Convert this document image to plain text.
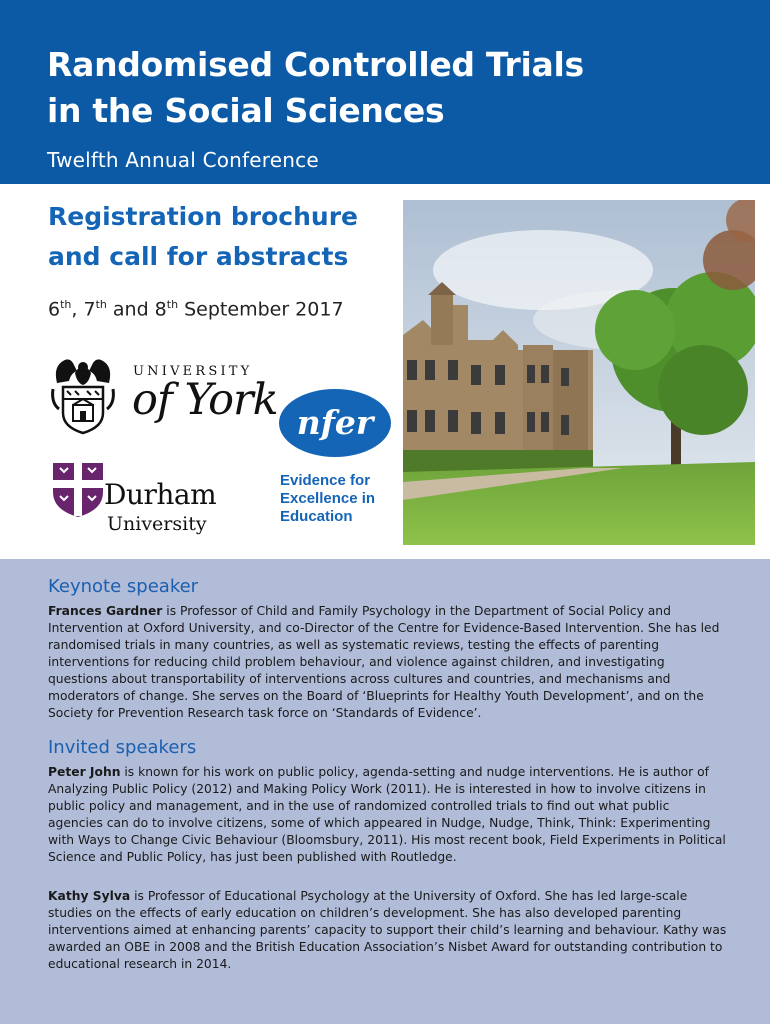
Randomised Controlled Trials
in the Social Sciences
Twelfth Annual Conference
Registration brochure
and call for abstracts
6th, 7th and 8th September 2017
UNIVERSITY
of York nfer
Evidence for
Excellence in
Education
Durham
University
Keynote speaker

Frances Gardner is Professor of Child and Family Psychology in the Department of Social Policy and Intervention at Oxford University, and co-Director of the Centre for Evidence-Based Intervention. She has led randomised trials in many countries, as well as systematic reviews, testing the effects of parenting interventions for reducing child problem behaviour, and violence against children, and investigating questions about transportability of interventions across cultures and countries, and mechanisms and moderators of change. She serves on the Board of ‘Blueprints for Healthy Youth Development’, and on the Society for Prevention Research task force on ‘Standards of Evidence’.

Invited speakers

Peter John is known for his work on public policy, agenda-setting and nudge interventions. He is author of Analyzing Public Policy (2012) and Making Policy Work (2011). He is interested in how to involve citizens in public policy and management, and in the use of randomized controlled trials to find out what public agencies can do to involve citizens, some of which appeared in Nudge, Nudge, Think, Think: Experimenting with Ways to Change Civic Behaviour (Bloomsbury, 2011). His most recent book, Field Experiments in Political Science and Public Policy, has just been published with Routledge.

Kathy Sylva is Professor of Educational Psychology at the University of Oxford. She has led large-scale studies on the effects of early education on children’s development. She has also developed parenting interventions aimed at enhancing parents’ capacity to support their child’s learning and behaviour. Kathy was awarded an OBE in 2008 and the British Education Association’s Nisbet Award for outstanding contribution to educational research in 2014.
